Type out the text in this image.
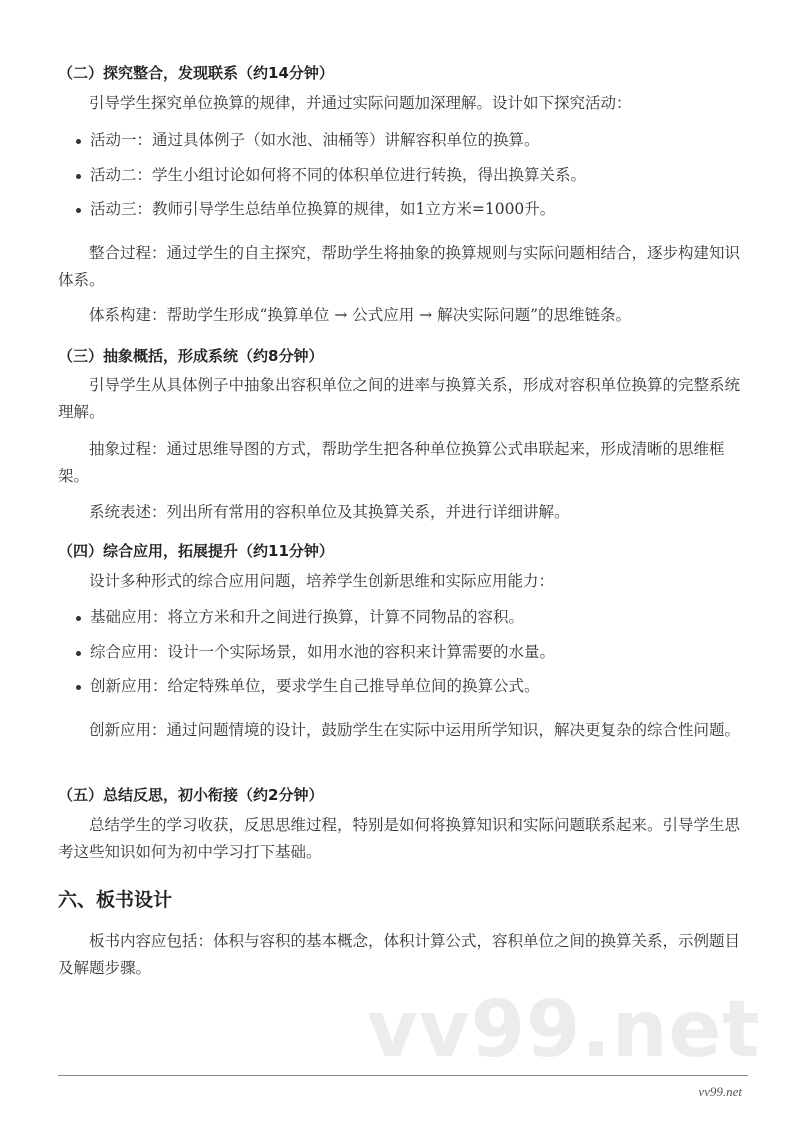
（二）探究整合，发现联系（约14分钟）
引导学生探究单位换算的规律，并通过实际问题加深理解。设计如下探究活动：
活动一：通过具体例子（如水池、油桶等）讲解容积单位的换算。
活动二：学生小组讨论如何将不同的体积单位进行转换，得出换算关系。
活动三：教师引导学生总结单位换算的规律，如1立方米=1000升。
整合过程：通过学生的自主探究，帮助学生将抽象的换算规则与实际问题相结合，逐步构建知识体系。
体系构建：帮助学生形成“换算单位 → 公式应用 → 解决实际问题”的思维链条。
（三）抽象概括，形成系统（约8分钟）
引导学生从具体例子中抽象出容积单位之间的进率与换算关系，形成对容积单位换算的完整系统理解。
抽象过程：通过思维导图的方式，帮助学生把各种单位换算公式串联起来，形成清晰的思维框架。
系统表述：列出所有常用的容积单位及其换算关系，并进行详细讲解。
（四）综合应用，拓展提升（约11分钟）
设计多种形式的综合应用问题，培养学生创新思维和实际应用能力：
基础应用：将立方米和升之间进行换算，计算不同物品的容积。
综合应用：设计一个实际场景，如用水池的容积来计算需要的水量。
创新应用：给定特殊单位，要求学生自己推导单位间的换算公式。
创新应用：通过问题情境的设计，鼓励学生在实际中运用所学知识，解决更复杂的综合性问题。
（五）总结反思，初小衔接（约2分钟）
总结学生的学习收获，反思思维过程，特别是如何将换算知识和实际问题联系起来。引导学生思考这些知识如何为初中学习打下基础。
六、板书设计
板书内容应包括：体积与容积的基本概念，体积计算公式，容积单位之间的换算关系，示例题目及解题步骤。
vv99.net
vv99.net
